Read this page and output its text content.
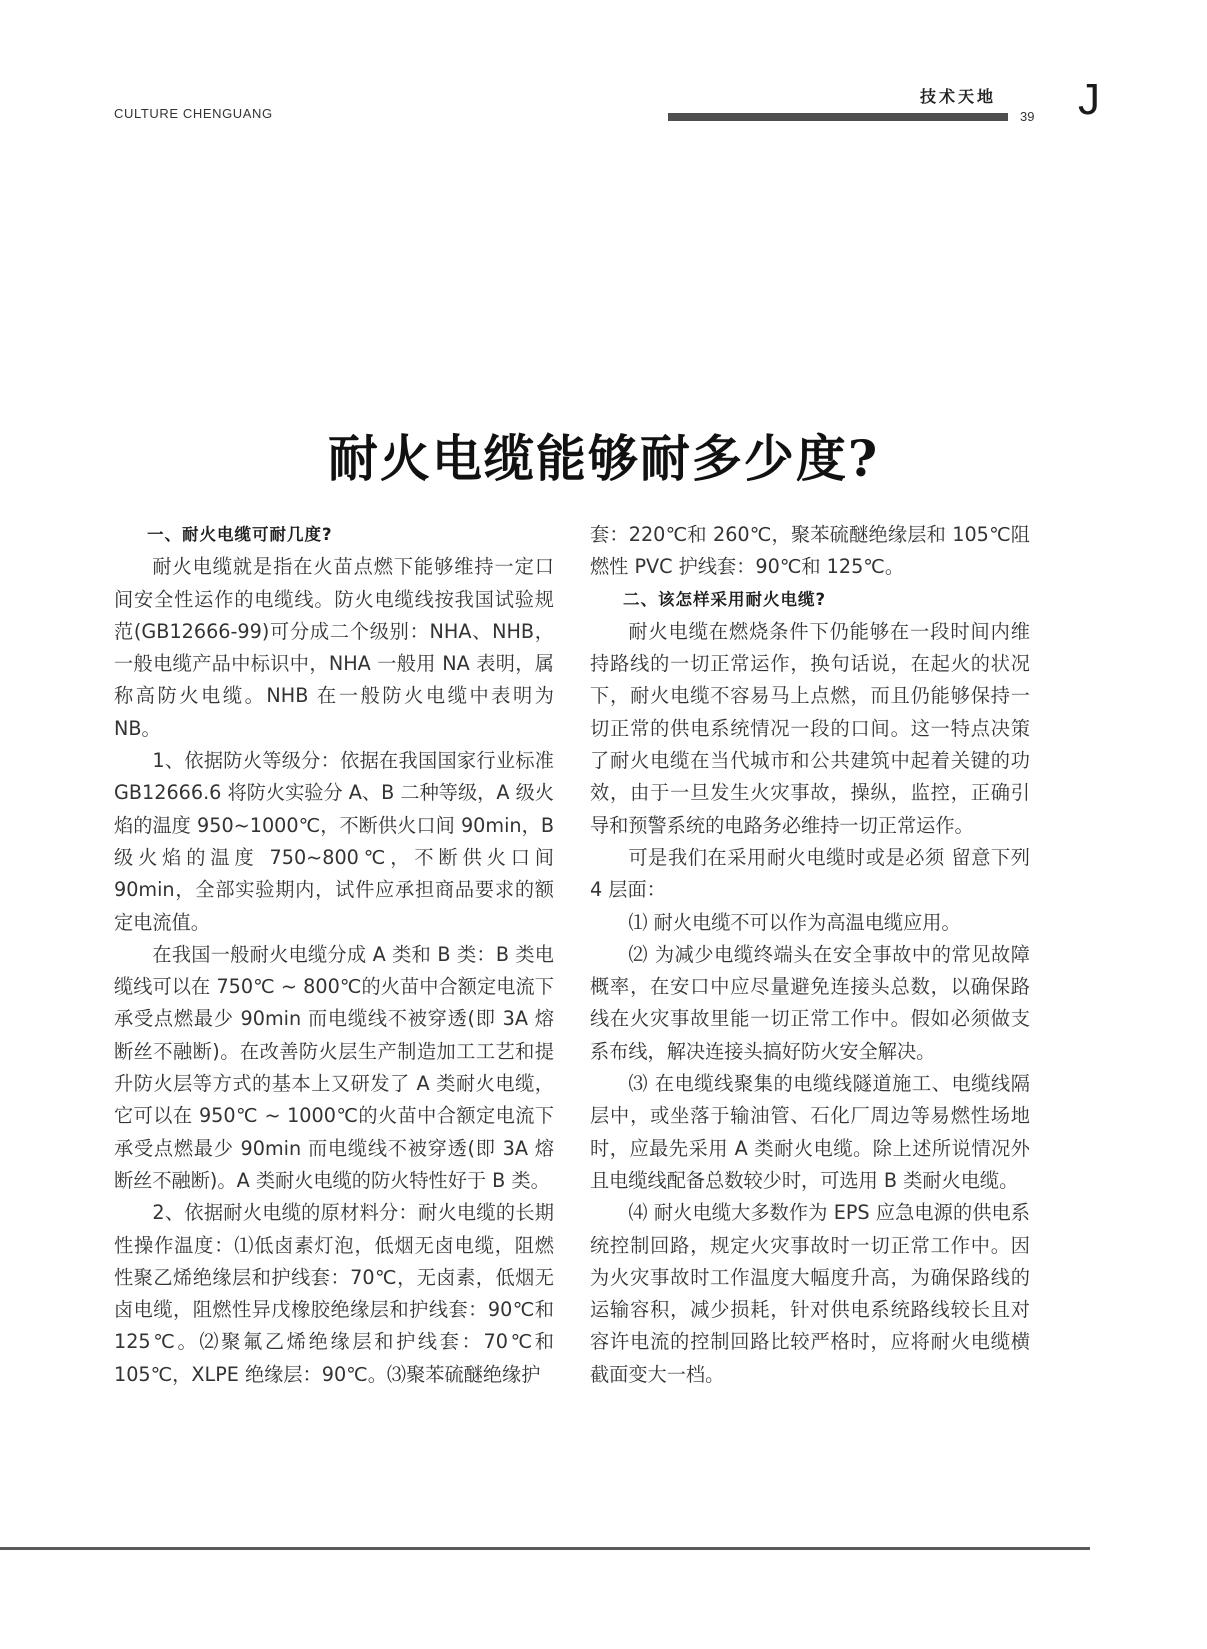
CULTURE CHENGUANG
技术天地
39 J
耐火电缆能够耐多少度?
一、耐火电缆可耐几度?

耐火电缆就是指在火苗点燃下能够维持一定口间安全性运作的电缆线。防火电缆线按我国试验规范(GB12666-99)可分成二个级别：NHA、NHB，一般电缆产品中标识中，NHA 一般用 NA 表明，属称高防火电缆。NHB 在一般防火电缆中表明为 NB。

1、依据防火等级分：依据在我国国家行业标准 GB12666.6 将防火实验分 A、B 二种等级，A 级火焰的温度 950~1000℃，不断供火口间 90min，B 级火焰的温度 750~800℃，不断供火口间 90min，全部实验期内，试件应承担商品要求的额定电流值。

在我国一般耐火电缆分成 A 类和 B 类：B 类电缆线可以在 750℃ ~ 800℃的火苗中合额定电流下承受点燃最少 90min 而电缆线不被穿透(即 3A 熔断丝不融断)。在改善防火层生产制造加工工艺和提升防火层等方式的基本上又研发了 A 类耐火电缆，它可以在 950℃ ~ 1000℃的火苗中合额定电流下承受点燃最少 90min 而电缆线不被穿透(即 3A 熔断丝不融断)。A 类耐火电缆的防火特性好于 B 类。

2、依据耐火电缆的原材料分：耐火电缆的长期性操作温度：⑴低卤素灯泡，低烟无卤电缆，阻燃性聚乙烯绝缘层和护线套：70℃，无卤素，低烟无卤电缆，阻燃性异戊橡胶绝缘层和护线套：90℃和 125℃。⑵聚氟乙烯绝缘层和护线套：70℃和 105℃，XLPE 绝缘层：90℃。⑶聚苯硫醚绝缘护

套：220℃和 260℃，聚苯硫醚绝缘层和 105℃阻燃性 PVC 护线套：90℃和 125℃。

二、该怎样采用耐火电缆?

耐火电缆在燃烧条件下仍能够在一段时间内维持路线的一切正常运作，换句话说，在起火的状况下，耐火电缆不容易马上点燃，而且仍能够保持一切正常的供电系统情况一段的口间。这一特点决策了耐火电缆在当代城市和公共建筑中起着关键的功效，由于一旦发生火灾事故，操纵，监控，正确引导和预警系统的电路务必维持一切正常运作。

可是我们在采用耐火电缆时或是必须 留意下列 4 层面：

⑴ 耐火电缆不可以作为高温电缆应用。

⑵ 为减少电缆终端头在安全事故中的常见故障概率，在安口中应尽量避免连接头总数，以确保路线在火灾事故里能一切正常工作中。假如必须做支系布线，解决连接头搞好防火安全解决。

⑶ 在电缆线聚集的电缆线隧道施工、电缆线隔层中，或坐落于输油管、石化厂周边等易燃性场地时，应最先采用 A 类耐火电缆。除上述所说情况外且电缆线配备总数较少时，可选用 B 类耐火电缆。

⑷ 耐火电缆大多数作为 EPS 应急电源的供电系统控制回路，规定火灾事故时一切正常工作中。因为火灾事故时工作温度大幅度升高，为确保路线的运输容积，减少损耗，针对供电系统路线较长且对容许电流的控制回路比较严格时，应将耐火电缆横截面变大一档。
